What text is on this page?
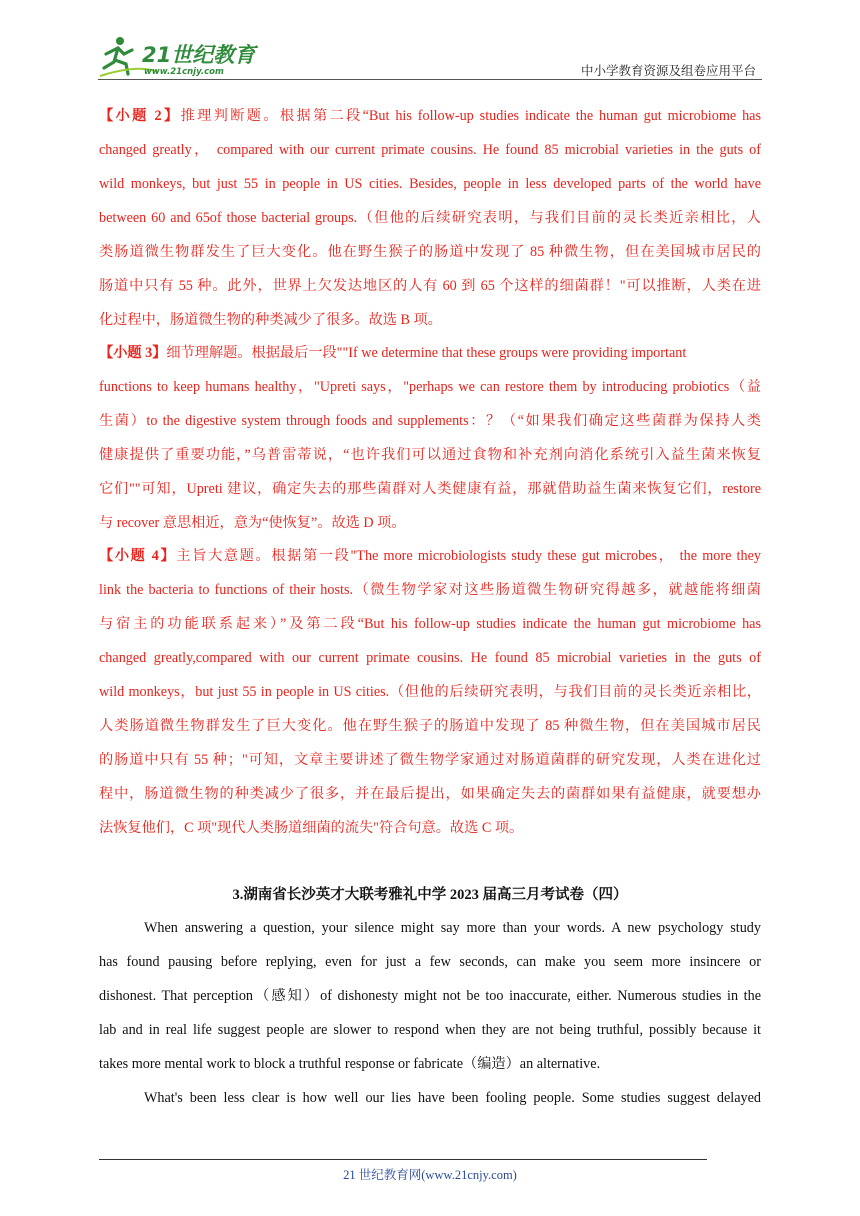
21世纪教育
www.21cnjy.com	中小学教育资源及组卷应用平台
【小题 2】推理判断题。根据第二段“But his follow-up studies indicate the human gut microbiome has
changed greatly， compared with our current primate cousins. He found 85 microbial varieties in the guts of
wild monkeys, but just 55 in people in US cities. Besides, people in less developed parts of the world have
between 60 and 65of those bacterial groups.（但他的后续研究表明，与我们目前的灵长类近亲相比，人
类肠道微生物群发生了巨大变化。他在野生猴子的肠道中发现了 85 种微生物，但在美国城市居民的
肠道中只有 55 种。此外，世界上欠发达地区的人有 60 到 65 个这样的细菌群！"可以推断，人类在进
化过程中，肠道微生物的种类减少了很多。故选 B 项。
【小题 3】细节理解题。根据最后一段""If we determine that these groups were providing important
functions to keep humans healthy，"Upreti says，"perhaps we can restore them by introducing probiotics（益
生菌）to the digestive system through foods and supplements：？（“如果我们确定这些菌群为保持人类
健康提供了重要功能，”乌普雷蒂说，“也许我们可以通过食物和补充剂向消化系统引入益生菌来恢复
它们""可知，Upreti 建议，确定失去的那些菌群对人类健康有益，那就借助益生菌来恢复它们，restore
与 recover 意思相近，意为“使恢复”。故选 D 项。
【小题 4】主旨大意题。根据第一段"The more microbiologists study these gut microbes， the more they
link the bacteria to functions of their hosts.（微生物学家对这些肠道微生物研究得越多，就越能将细菌
与宿主的功能联系起来）”及第二段“But his follow-up studies indicate the human gut microbiome has
changed greatly,compared with our current primate cousins. He found 85 microbial varieties in the guts of
wild monkeys，but just 55 in people in US cities.（但他的后续研究表明，与我们目前的灵长类近亲相比，
人类肠道微生物群发生了巨大变化。他在野生猴子的肠道中发现了 85 种微生物，但在美国城市居民
的肠道中只有 55 种；"可知，文章主要讲述了微生物学家通过对肠道菌群的研究发现，人类在进化过
程中，肠道微生物的种类减少了很多，并在最后提出，如果确定失去的菌群如果有益健康，就要想办
法恢复他们，C 项"现代人类肠道细菌的流失"符合句意。故选 C 项。
3.湖南省长沙英才大联考雅礼中学 2023 届高三月考试卷（四）
When answering a question, your silence might say more than your words. A new psychology study
has found pausing before replying, even for just a few seconds, can make you seem more insincere or
dishonest. That perception（感知）of dishonesty might not be too inaccurate, either. Numerous studies in the
lab and in real life suggest people are slower to respond when they are not being truthful, possibly because it
takes more mental work to block a truthful response or fabricate（编造）an alternative.
What's been less clear is how well our lies have been fooling people. Some studies suggest delayed
21 世纪教育网(www.21cnjy.com)
